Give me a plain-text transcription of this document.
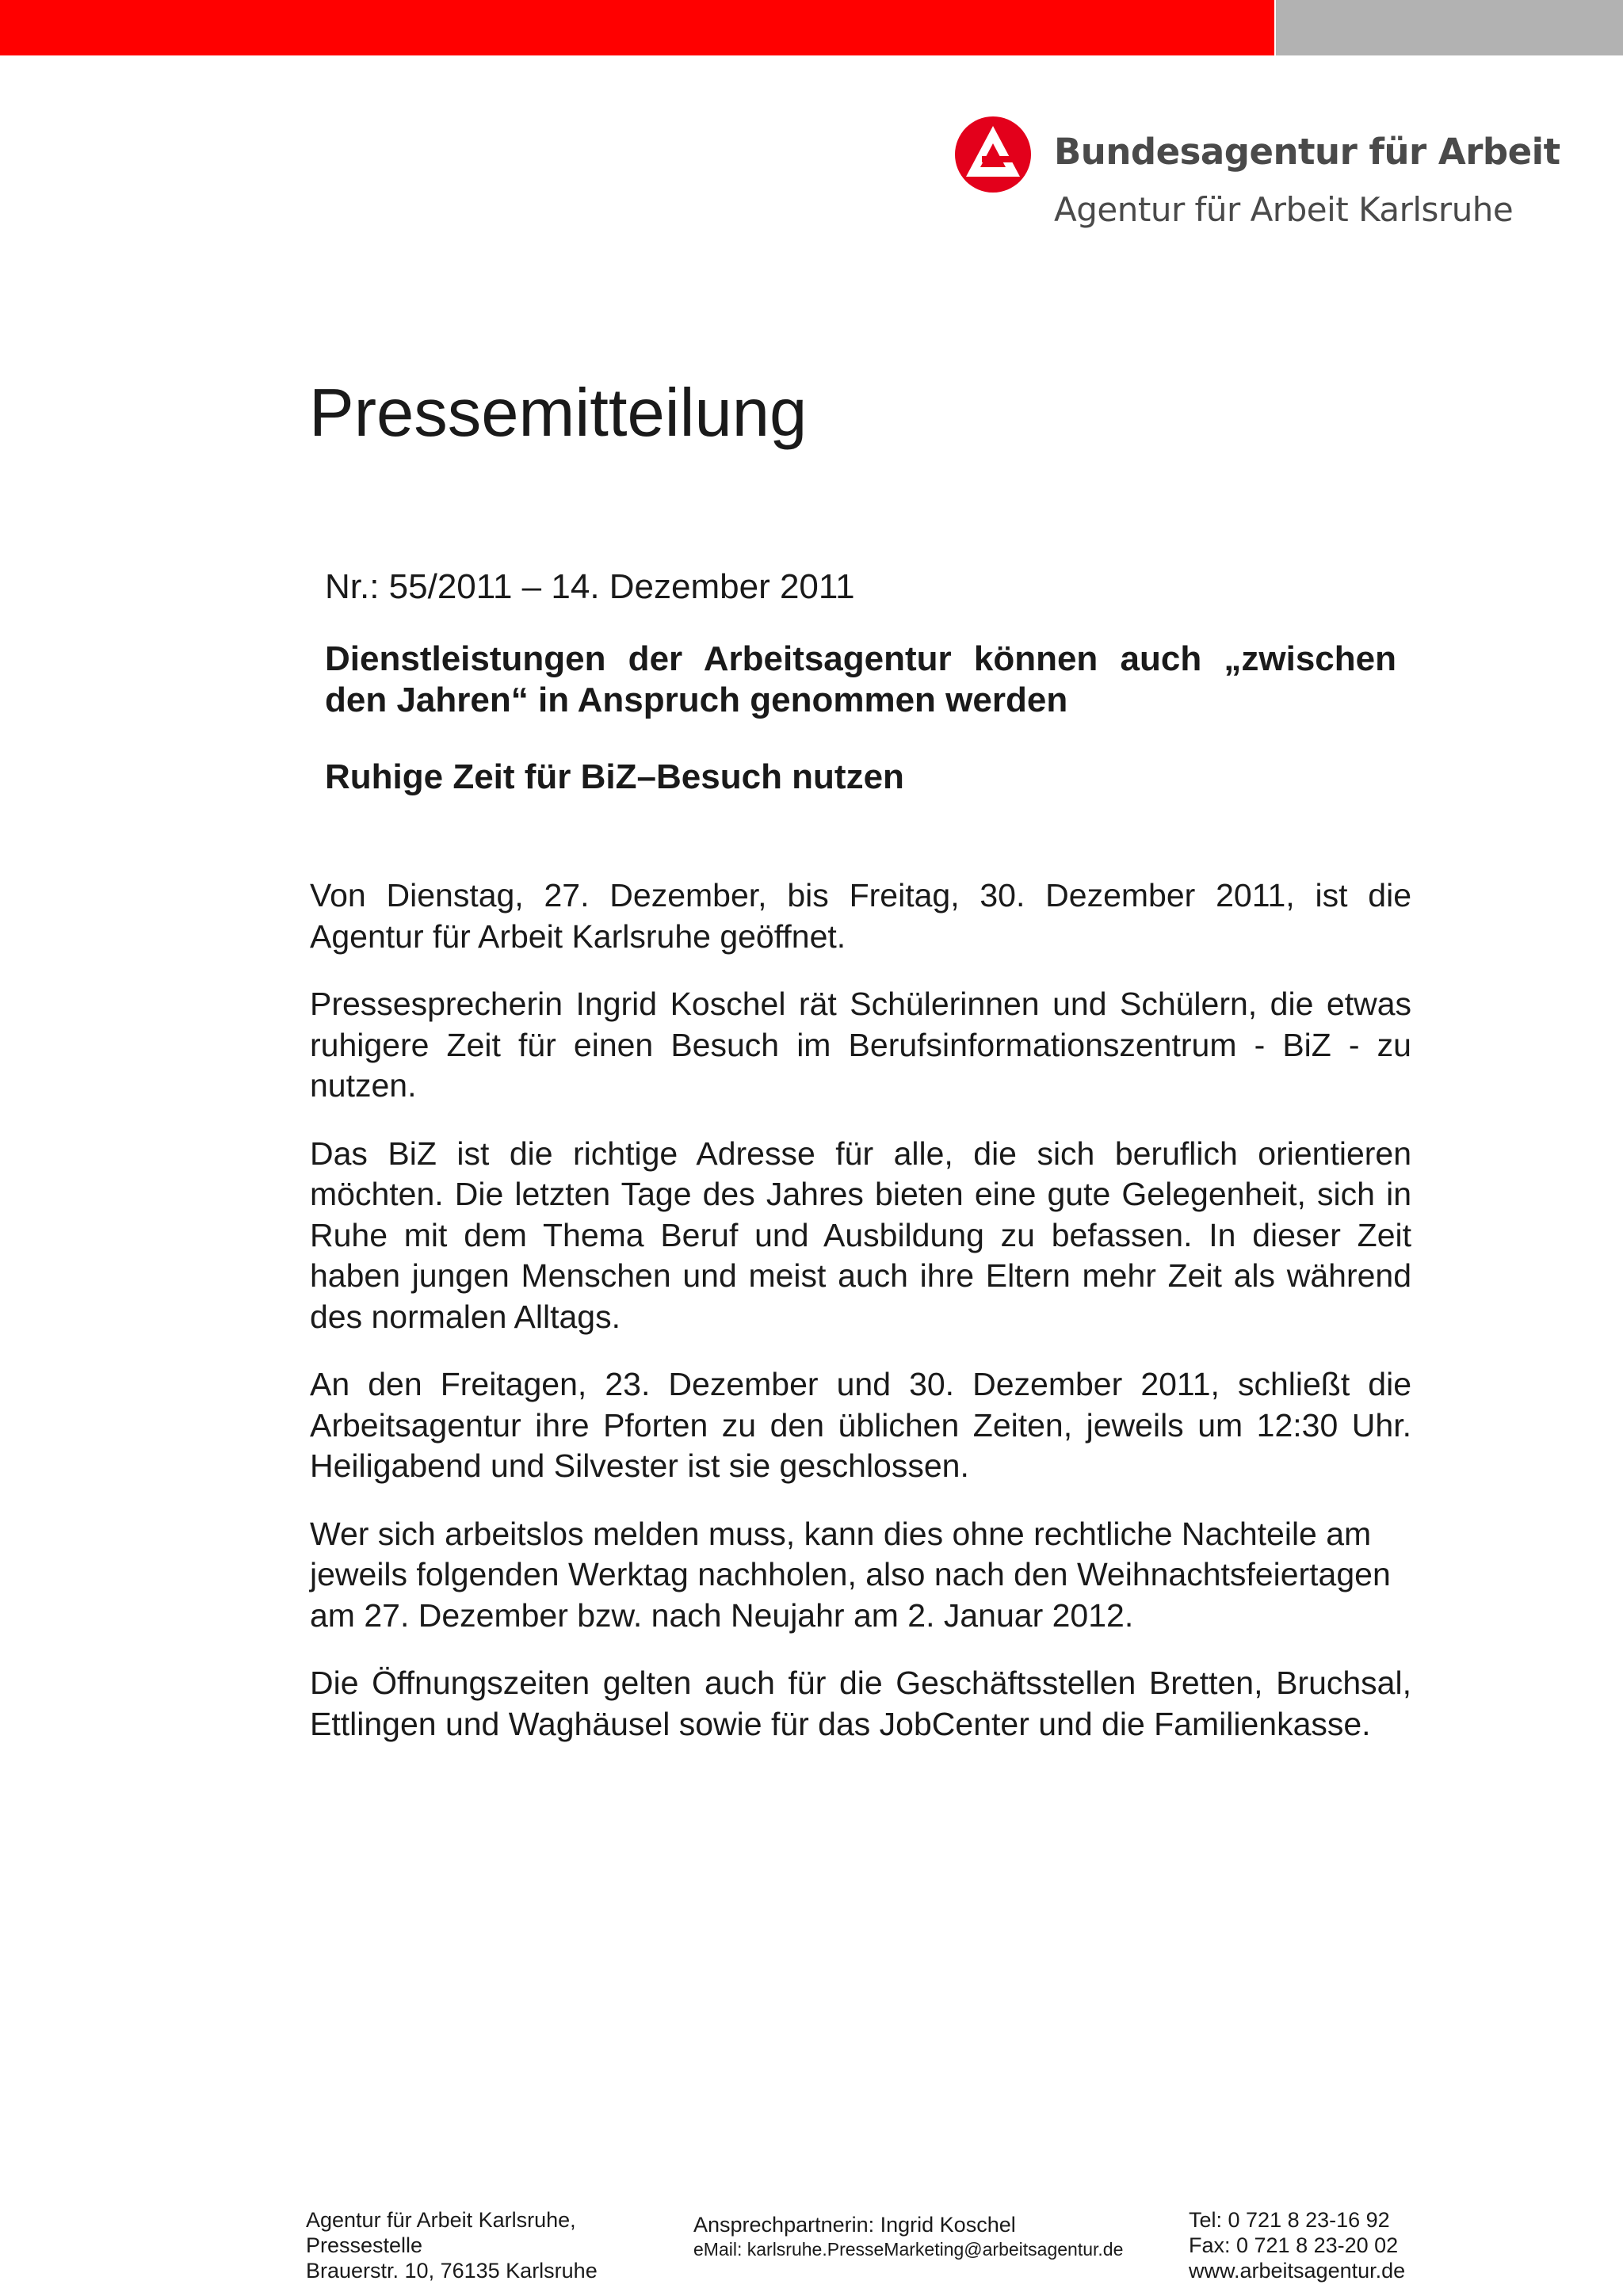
Bundesagentur für Arbeit
Agentur für Arbeit Karlsruhe
Pressemitteilung
Nr.: 55/2011 – 14. Dezember 2011
Dienstleistungen der Arbeitsagentur können auch „zwischen den Jahren“ in Anspruch genommen werden
Ruhige Zeit für BiZ–Besuch nutzen

Von Dienstag, 27. Dezember, bis Freitag, 30. Dezember 2011, ist die Agentur für Arbeit Karlsruhe geöffnet.

Pressesprecherin Ingrid Koschel rät Schülerinnen und Schülern, die etwas ruhigere Zeit für einen Besuch im Berufsinformationszentrum - BiZ - zu nutzen.

Das BiZ ist die richtige Adresse für alle, die sich beruflich orientieren möchten. Die letzten Tage des Jahres bieten eine gute Gelegenheit, sich in Ruhe mit dem Thema Beruf und Ausbildung zu befassen. In dieser Zeit haben jungen Menschen und meist auch ihre Eltern mehr Zeit als während des normalen Alltags.

An den Freitagen, 23. Dezember und 30. Dezember 2011, schließt die Arbeitsagentur ihre Pforten zu den üblichen Zeiten, jeweils um 12:30 Uhr. Heiligabend und Silvester ist sie geschlossen.

Wer sich arbeitslos melden muss, kann dies ohne rechtliche Nachteile am jeweils folgenden Werktag nachholen, also nach den Weihnachtsfeiertagen am 27. Dezember bzw. nach Neujahr am 2. Januar 2012.

Die Öffnungszeiten gelten auch für die Geschäftsstellen Bretten, Bruchsal, Ettlingen und Waghäusel sowie für das JobCenter und die Familienkasse.

Agentur für Arbeit Karlsruhe,
Pressestelle
Brauerstr. 10, 76135 Karlsruhe
Ansprechpartnerin: Ingrid Koschel
eMail: karlsruhe.PresseMarketing@arbeitsagentur.de
Tel: 0 721 8 23-16 92
Fax: 0 721 8 23-20 02
www.arbeitsagentur.de
